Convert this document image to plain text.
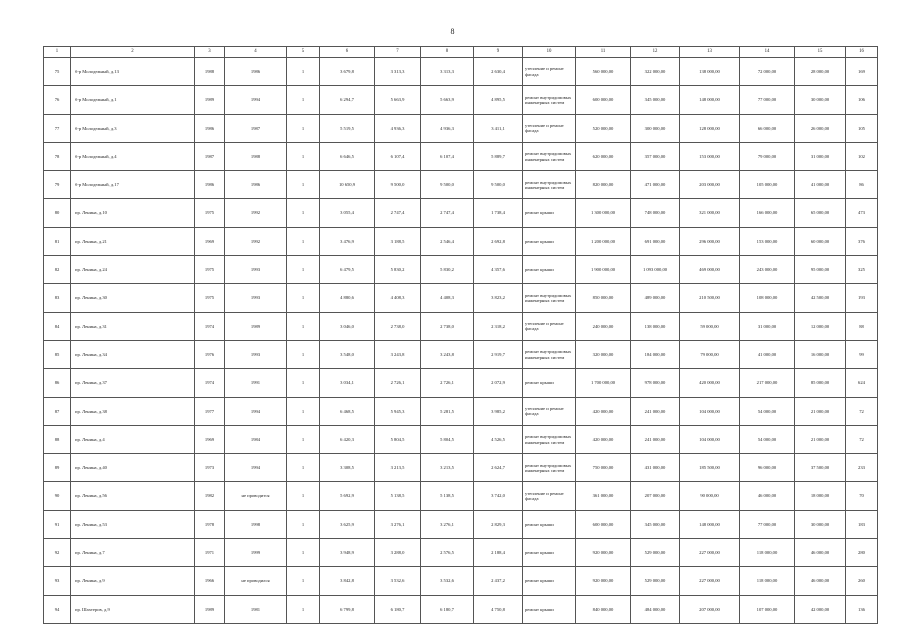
8
1	2	3	4	5	6	7	8	9	10	11	12	13	14	15	16
75	б-р Молодежный, д.13	1988	1986	1	3 679,8	3 313,3	3 313,3	2 630,4	утепление и ремонт фасада	560 000,00	322 000,00	138 000,00	72 000,00	28 000,00	169
76	б-р Молодежный, д.1	1989	1994	1	6 294,7	5 663,9	5 663,9	4 895,5	ремонт внутридомовых инженерных систем	600 000,00	345 000,00	148 000,00	77 000,00	30 000,00	106
77	б-р Молодежный, д.3	1986	1987	1	5 519,5	4 936,3	4 936,3	3 411,1	утепление и ремонт фасада	520 000,00	300 000,00	128 000,00	66 000,00	26 000,00	105
78	б-р Молодежный, д.4	1987	1988	1	6 646,5	6 107,4	6 107,4	5 889,7	ремонт внутридомовых инженерных систем	620 000,00	357 000,00	153 000,00	79 000,00	31 000,00	102
79	б-р Молодежный, д.17	1986	1986	1	10 650,9	9 500,0	9 500,0	9 500,0	ремонт внутридомовых инженерных систем	820 000,00	471 000,00	203 000,00	105 000,00	41 000,00	86
80	пр. Ленина, д.10	1975	1992	1	3 055,4	2 747,4	2 747,4	1 738,4	ремонт крыши	1 300 000,00	748 000,00	321 000,00	166 000,00	65 000,00	473
81	пр. Ленина, д.21	1969	1992	1	3 476,9	3 188,5	2 546,4	2 692,8	ремонт крыши	1 200 000,00	691 000,00	296 000,00	153 000,00	60 000,00	376
82	пр. Ленина, д.24	1975	1993	1	6 479,5	5 830,2	5 830,2	4 357,6	ремонт крыши	1 900 000,00	1 093 000,00	469 000,00	243 000,00	95 000,00	325
83	пр. Ленина, д.30	1975	1993	1	4 880,6	4 408,3	4 408,3	3 823,2	ремонт внутридомовых инженерных систем	850 000,00	489 000,00	210 500,00	108 000,00	42 500,00	193
84	пр. Ленина, д.31	1974	1989	1	3 046,0	2 738,0	2 738,0	2 318,2	утепление и ремонт фасада	240 000,00	138 000,00	59 000,00	31 000,00	12 000,00	88
85	пр. Ленина, д.34	1976	1993	1	3 548,0	3 243,8	3 243,8	2 919,7	ремонт внутридомовых инженерных систем	320 000,00	184 000,00	79 000,00	41 000,00	16 000,00	99
86	пр. Ленина, д.37	1974	1991	1	3 034,1	2 726,1	2 726,1	2 072,9	ремонт крыши	1 700 000,00	978 000,00	420 000,00	217 000,00	85 000,00	624
87	пр. Ленина, д.38	1977	1994	1	6 468,5	5 945,3	5 281,5	3 985,2	утепление и ремонт фасада	420 000,00	241 000,00	104 000,00	54 000,00	21 000,00	72
88	пр. Ленина, д.4	1969	1984	1	6 420,3	5 804,5	5 804,5	4 526,5	ремонт внутридомовых инженерных систем	420 000,00	241 000,00	104 000,00	54 000,00	21 000,00	72
89	пр. Ленина, д.40	1973	1994	1	3 308,5	3 213,5	3 213,5	2 624,7	ремонт внутридомовых инженерных систем	750 000,00	431 000,00	185 500,00	96 000,00	37 500,00	233
90	пр. Ленина, д.56	1982	не проводится	1	5 692,9	5 138,5	5 138,5	3 742,0	утепление и ремонт фасада	361 000,00	207 000,00	90 000,00	46 000,00	18 000,00	70
91	пр. Ленина, д.53	1978	1998	1	3 625,9	3 276,1	3 276,1	2 829,3	ремонт крыши	600 000,00	345 000,00	148 000,00	77 000,00	30 000,00	183
92	пр. Ленина, д.7	1971	1999	1	3 948,9	3 288,0	2 576,5	2 188,4	ремонт крыши	920 000,00	529 000,00	227 000,00	118 000,00	46 000,00	280
93	пр. Ленина, д.9	1966	не проводился	1	3 842,8	3 532,6	3 532,6	2 437,2	ремонт крыши	920 000,00	529 000,00	227 000,00	118 000,00	46 000,00	260
94	пр. Шахтеров, д.9	1989	1981	1	6 799,8	6 180,7	6 180,7	4 750,8	ремонт крыши	840 000,00	484 000,00	207 000,00	107 000,00	42 000,00	136
